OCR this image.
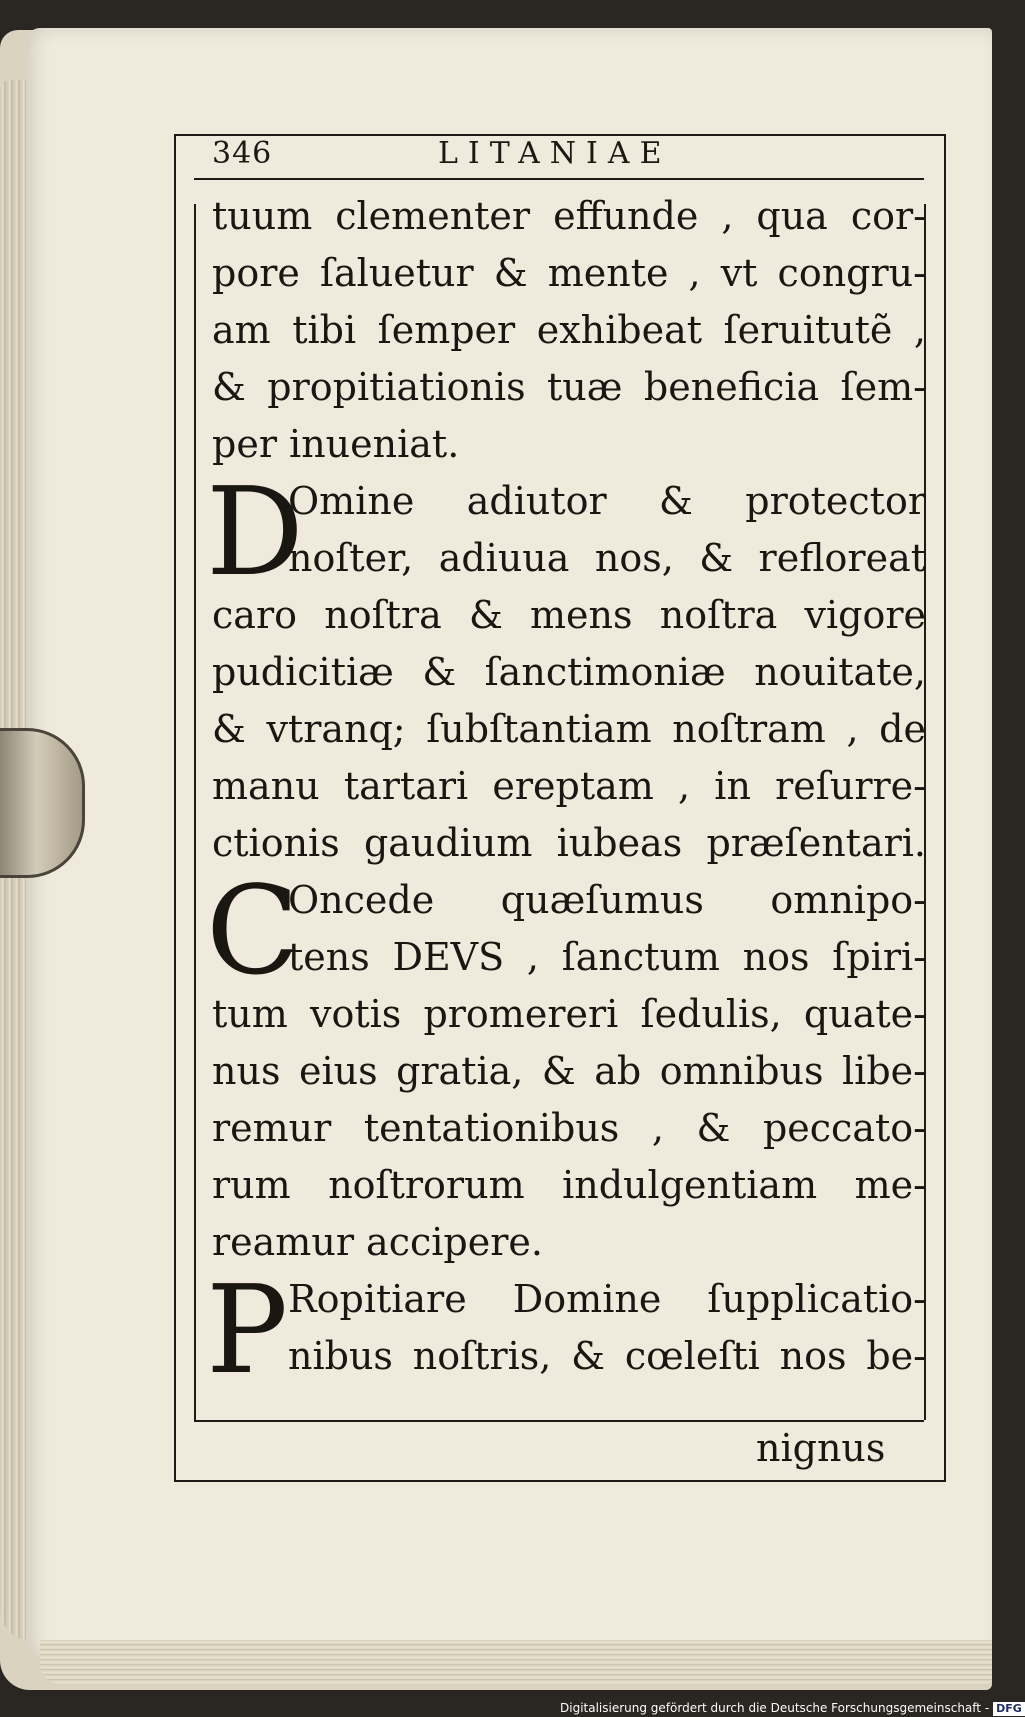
346	LITANIAE
tuum clementer effunde , qua cor-
pore ſaluetur & mente , vt congru-
am tibi ſemper exhibeat ſeruitutẽ ,
& propitiationis tuæ beneficia ſem-
per inueniat.
D
Omine adiutor & protector
noſter, adiuua nos, & refloreat
caro noſtra & mens noſtra vigore
pudicitiæ & ſanctimoniæ nouitate,
& vtranq; ſubſtantiam noſtram , de
manu tartari ereptam , in reſurre-
ctionis gaudium iubeas præſentari.
C
Oncede quæſumus omnipo-
tens DEVS , ſanctum nos ſpiri-
tum votis promereri ſedulis, quate-
nus eius gratia, & ab omnibus libe-
remur tentationibus , & peccato-
rum noſtrorum indulgentiam me-
reamur accipere.
P Ropitiare Domine ſupplicatio-
nibus noſtris, & cœleſti nos be-
nignus
Digitalisierung gefördert durch die Deutsche Forschungsgemeinschaft - DFG
